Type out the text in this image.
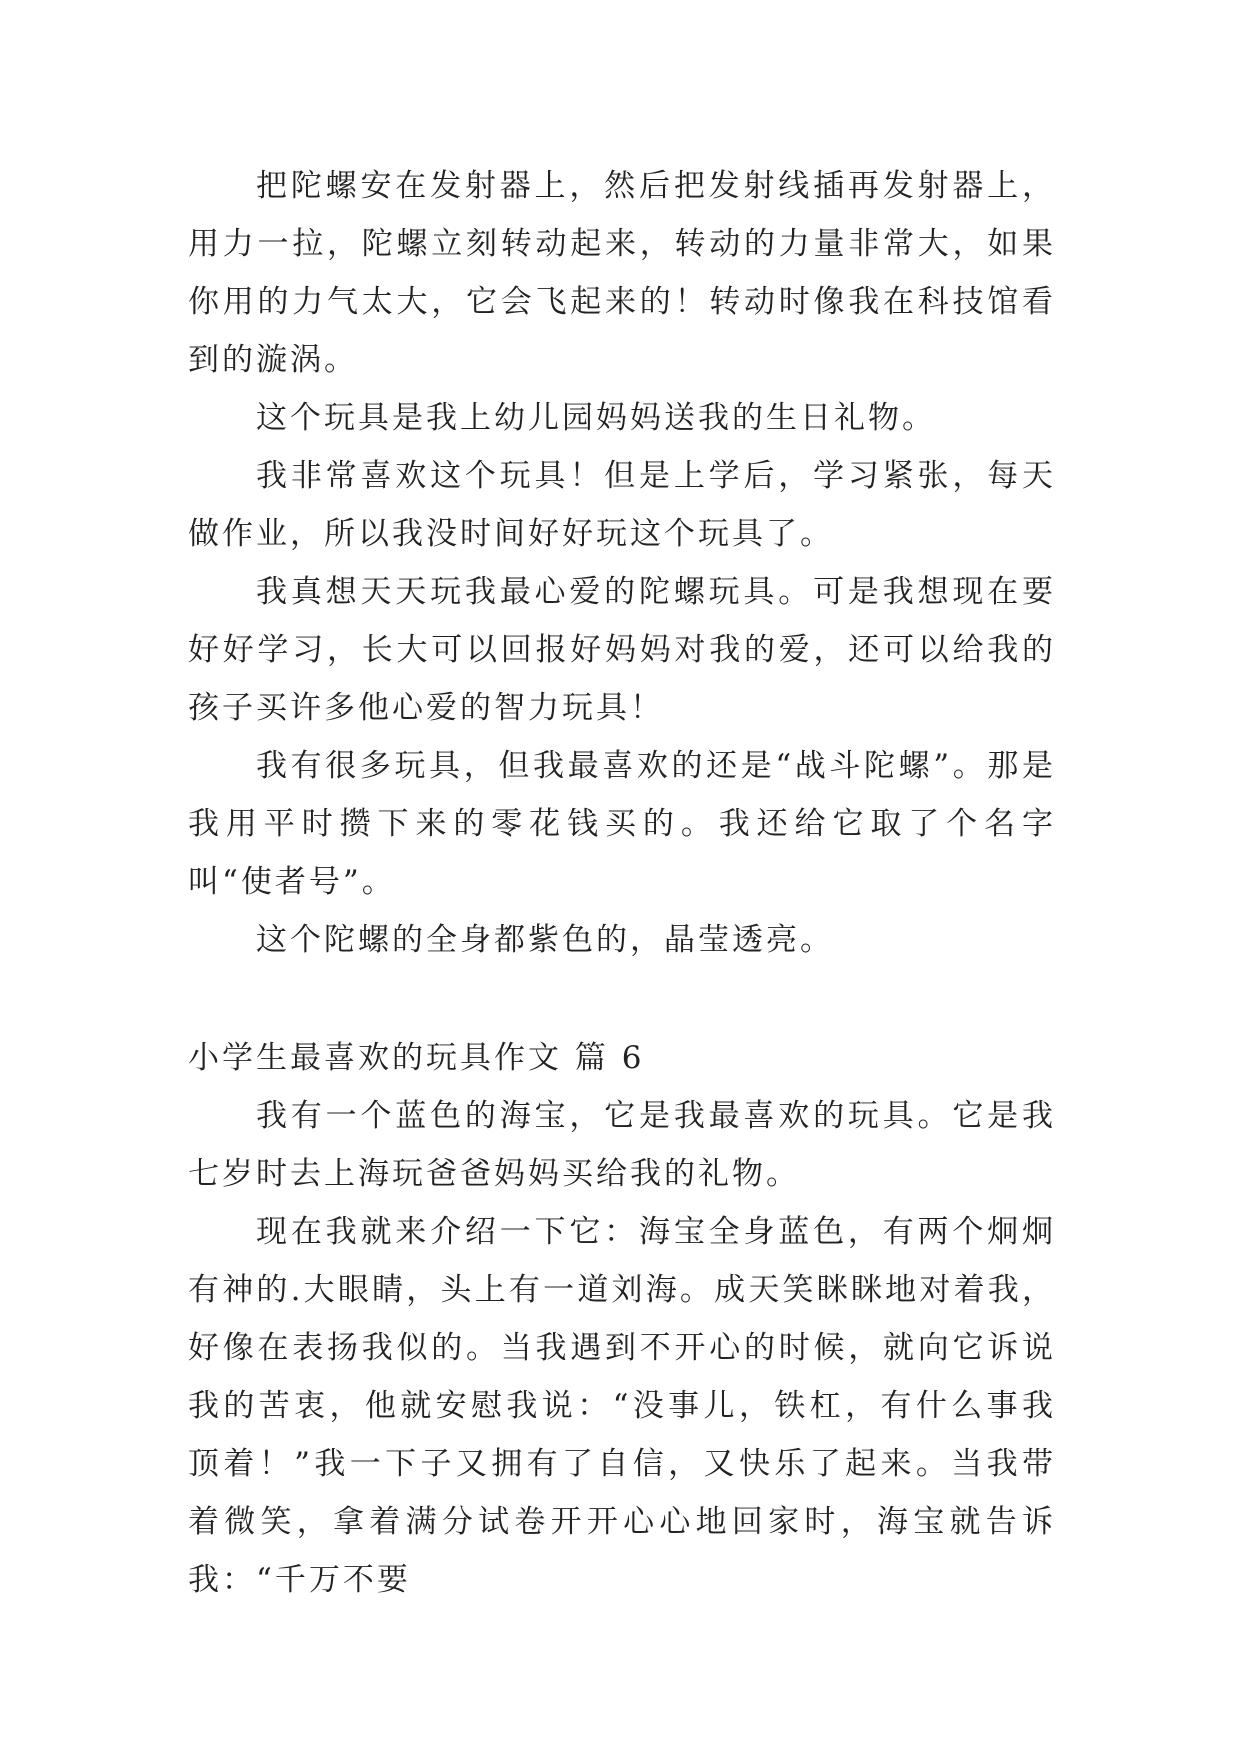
把陀螺安在发射器上，然后把发射线插再发射器上，用力一拉，陀螺立刻转动起来，转动的力量非常大，如果你用的力气太大，它会飞起来的！转动时像我在科技馆看到的漩涡。

这个玩具是我上幼儿园妈妈送我的生日礼物。

我非常喜欢这个玩具！但是上学后，学习紧张，每天做作业，所以我没时间好好玩这个玩具了。

我真想天天玩我最心爱的陀螺玩具。可是我想现在要好好学习，长大可以回报好妈妈对我的爱，还可以给我的孩子买许多他心爱的智力玩具！

我有很多玩具，但我最喜欢的还是“战斗陀螺”。那是我用平时攒下来的零花钱买的。我还给它取了个名字叫“使者号”。

这个陀螺的全身都紫色的，晶莹透亮。

小学生最喜欢的玩具作文 篇 6

我有一个蓝色的海宝，它是我最喜欢的玩具。它是我七岁时去上海玩爸爸妈妈买给我的礼物。

现在我就来介绍一下它：海宝全身蓝色，有两个炯炯有神的.大眼睛，头上有一道刘海。成天笑眯眯地对着我，好像在表扬我似的。当我遇到不开心的时候，就向它诉说我的苦衷，他就安慰我说：“没事儿，铁杠，有什么事我顶着！”我一下子又拥有了自信，又快乐了起来。当我带着微笑，拿着满分试卷开开心心地回家时，海宝就告诉我：“千万不要
